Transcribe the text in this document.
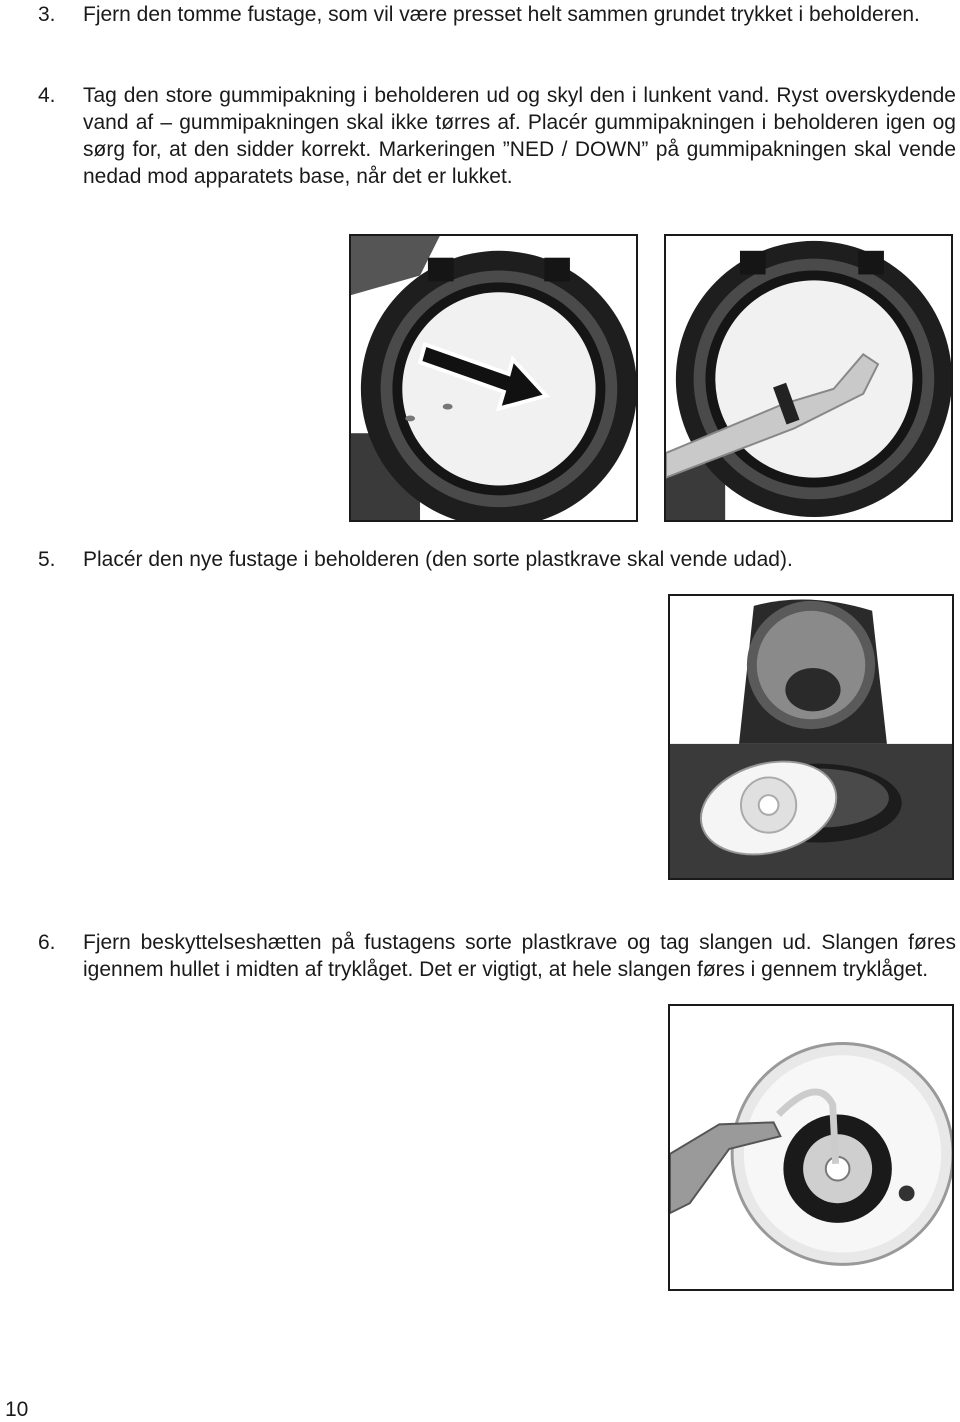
3. Fjern den tomme fustage, som vil være presset helt sammen grundet trykket i beholderen.
4. Tag den store gummipakning i beholderen ud og skyl den i lunkent vand. Ryst overskydende vand af – gummipakningen skal ikke tørres af. Placér gummipakningen i beholderen igen og sørg for, at den sidder korrekt. Markeringen ”NED / DOWN” på gummipakningen skal vende nedad mod apparatets base, når det er lukket.
5. Placér den nye fustage i beholderen (den sorte plastkrave skal vende udad).
6. Fjern beskyttelseshætten på fustagens sorte plastkrave og tag slangen ud. Slangen føres igennem hullet i midten af tryklåget. Det er vigtigt, at hele slangen føres i gennem tryklåget.
10
